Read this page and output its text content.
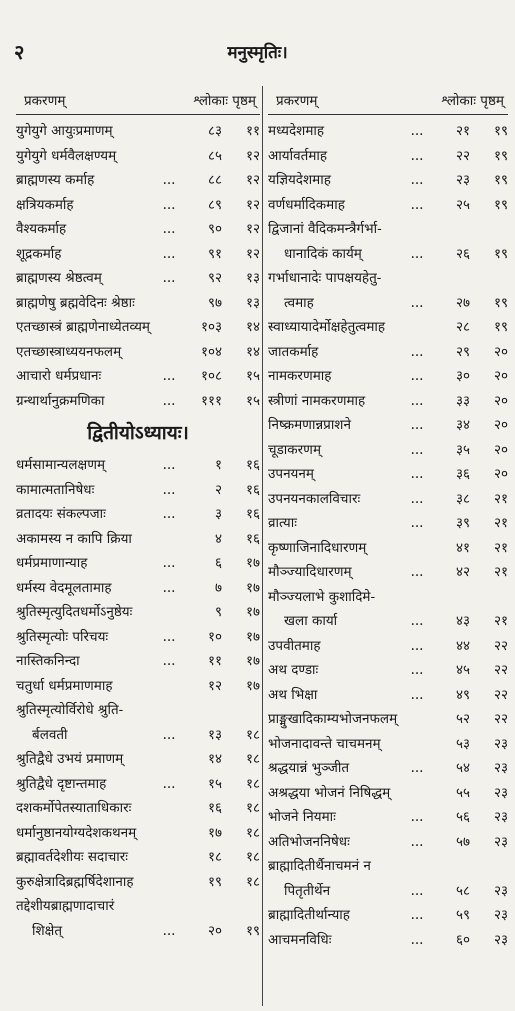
२	मनुस्मृतिः।
प्रकरणम्	श्लोकाः पृष्ठम्
युगेयुगे आयुःप्रमाणम्	८३	११
युगेयुगे धर्मवैलक्षण्यम्	८५	१२
ब्राह्मणस्य कर्माह	...	८८	१२
क्षत्रियकर्माह	...	८९	१२
वैश्यकर्माह	...	९०	१२
शूद्रकर्माह	...	९१	१२
ब्राह्मणस्य श्रेष्ठत्वम्	...	९२	१३
ब्राह्मणेषु ब्रह्मवेदिनः श्रेष्ठाः	९७	१३
एतच्छास्त्रं ब्राह्मणेनाध्येतव्यम्	१०३	१४
एतच्छास्त्राध्ययनफलम्	१०४	१४
आचारो धर्मप्रधानः	...	१०८	१५
ग्रन्थार्थानुक्रमणिका	...	१११	१५
द्वितीयोऽध्यायः।
धर्मसामान्यलक्षणम्	...	१	१६
कामात्मतानिषेधः	...	२	१६
व्रतादयः संकल्पजाः	...	३	१६
अकामस्य न कापि क्रिया	४	१६
धर्मप्रमाणान्याह	...	६	१७
धर्मस्य वेदमूलतामाह	...	७	१७
श्रुतिस्मृत्युदितधर्मोऽनुष्ठेयः	९	१७
श्रुतिस्मृत्योः परिचयः	...	१०	१७
नास्तिकनिन्दा	...	११	१७
चतुर्धा धर्मप्रमाणमाह	१२	१७
श्रुतिस्मृत्योर्विरोधे श्रुति-
र्बलवती	...	१३	१८
श्रुतिद्वैधे उभयं प्रमाणम्	१४	१८
श्रुतिद्वैधे दृष्टान्तमाह	...	१५	१८
दशकर्मोपेतस्याताधिकारः	१६	१८
धर्मानुष्ठानयोग्यदेशकथनम्	१७	१८
ब्रह्मावर्तदेशीयः सदाचारः	१८	१८
कुरुक्षेत्रादिब्रह्मर्षिदेशानाह	१९	१८
तद्देशीयब्राह्मणादाचारं
शिक्षेत्	...	२०	१९
प्रकरणम्	श्लोकाः पृष्ठम्
मध्यदेशमाह	...	२१	१९
आर्यावर्तमाह	...	२२	१९
यज्ञियदेशमाह	...	२३	१९
वर्णधर्मादिकमाह	...	२५	१९
द्विजानां वैदिकमन्त्रैर्गर्भा-
धानादिकं कार्यम्	...	२६	१९
गर्भाधानादेः पापक्षयहेतु-
त्वमाह	...	२७	१९
स्वाध्यायादेर्मोक्षहेतुत्वमाह	२८	१९
जातकर्माह	...	२९	२०
नामकरणमाह	...	३०	२०
स्त्रीणां नामकरणमाह	...	३३	२०
निष्क्रमणान्नप्राशने	...	३४	२०
चूडाकरणम्	...	३५	२०
उपनयनम्	...	३६	२०
उपनयनकालविचारः	...	३८	२१
व्रात्याः	...	३९	२१
कृष्णाजिनादिधारणम्	४१	२१
मौञ्ज्यादिधारणम्	...	४२	२१
मौञ्ज्यलाभे कुशादिमे-
खला कार्या	...	४३	२१
उपवीतमाह	...	४४	२२
अथ दण्डाः	...	४५	२२
अथ भिक्षा	...	४९	२२
प्राङ्मुखादिकाम्यभोजनफलम्	५२	२२
भोजनादावन्ते चाचमनम्	५३	२३
श्रद्धयान्नं भुञ्जीत	...	५४	२३
अश्रद्धया भोजनं निषिद्धम्	५५	२३
भोजने नियमाः	...	५६	२३
अतिभोजननिषेधः	...	५७	२३
ब्राह्मादितीर्थैनाचमनं न
पितृतीर्थेन	...	५८	२३
ब्राह्मादितीर्थान्याह	...	५९	२३
आचमनविधिः	...	६०	२३
